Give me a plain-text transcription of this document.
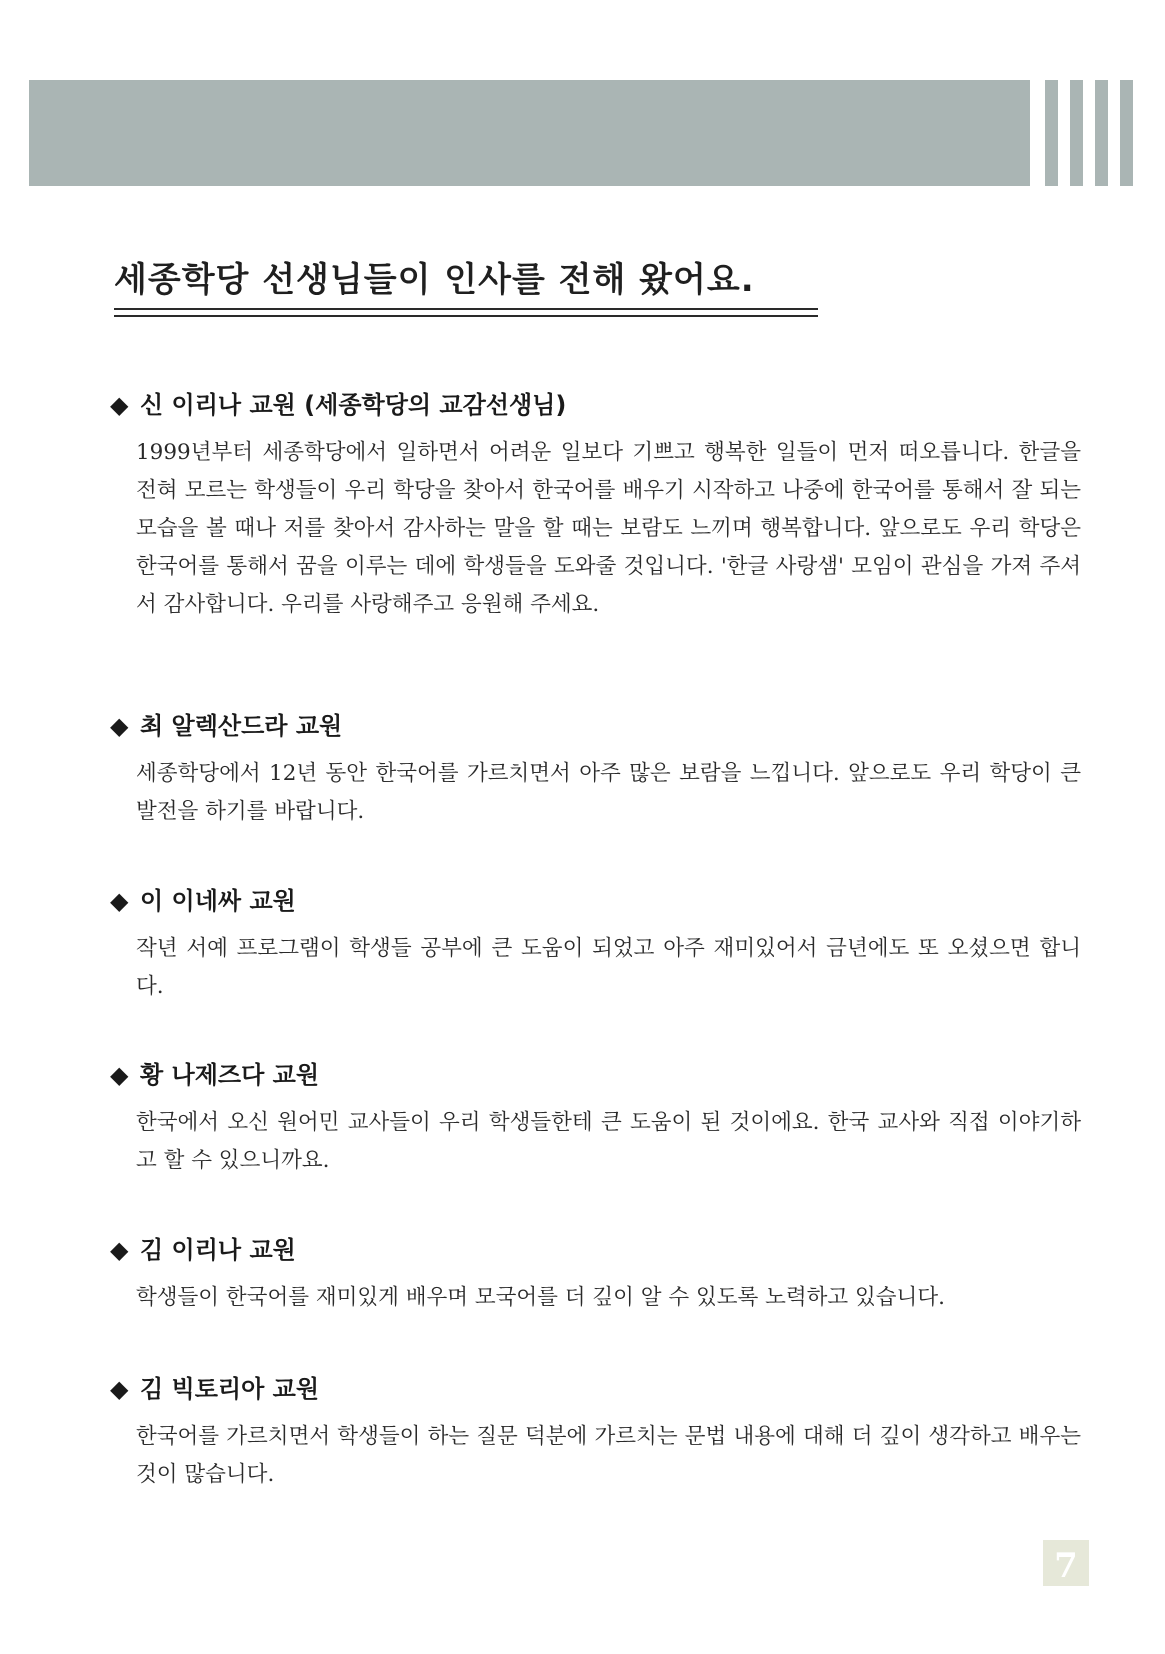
세종학당 선생님들이 인사를 전해 왔어요.
◆ 신 이리나 교원 (세종학당의 교감선생님)

1999년부터 세종학당에서 일하면서 어려운 일보다 기쁘고 행복한 일들이 먼저 떠오릅니다. 한글을 전혀 모르는 학생들이 우리 학당을 찾아서 한국어를 배우기 시작하고 나중에 한국어를 통해서 잘 되는 모습을 볼 때나 저를 찾아서 감사하는 말을 할 때는 보람도 느끼며 행복합니다. 앞으로도 우리 학당은 한국어를 통해서 꿈을 이루는 데에 학생들을 도와줄 것입니다. '한글 사랑샘' 모임이 관심을 가져 주셔서 감사합니다. 우리를 사랑해주고 응원해 주세요.

◆ 최 알렉산드라 교원

세종학당에서 12년 동안 한국어를 가르치면서 아주 많은 보람을 느낍니다. 앞으로도 우리 학당이 큰 발전을 하기를 바랍니다.

◆ 이 이네싸 교원

작년 서예 프로그램이 학생들 공부에 큰 도움이 되었고 아주 재미있어서 금년에도 또 오셨으면 합니다.

◆ 황 나제즈다 교원

한국에서 오신 원어민 교사들이 우리 학생들한테 큰 도움이 된 것이에요. 한국 교사와 직접 이야기하고 할 수 있으니까요.

◆ 김 이리나 교원

학생들이 한국어를 재미있게 배우며 모국어를 더 깊이 알 수 있도록 노력하고 있습니다.

◆ 김 빅토리아 교원

한국어를 가르치면서 학생들이 하는 질문 덕분에 가르치는 문법 내용에 대해 더 깊이 생각하고 배우는 것이 많습니다.

7
